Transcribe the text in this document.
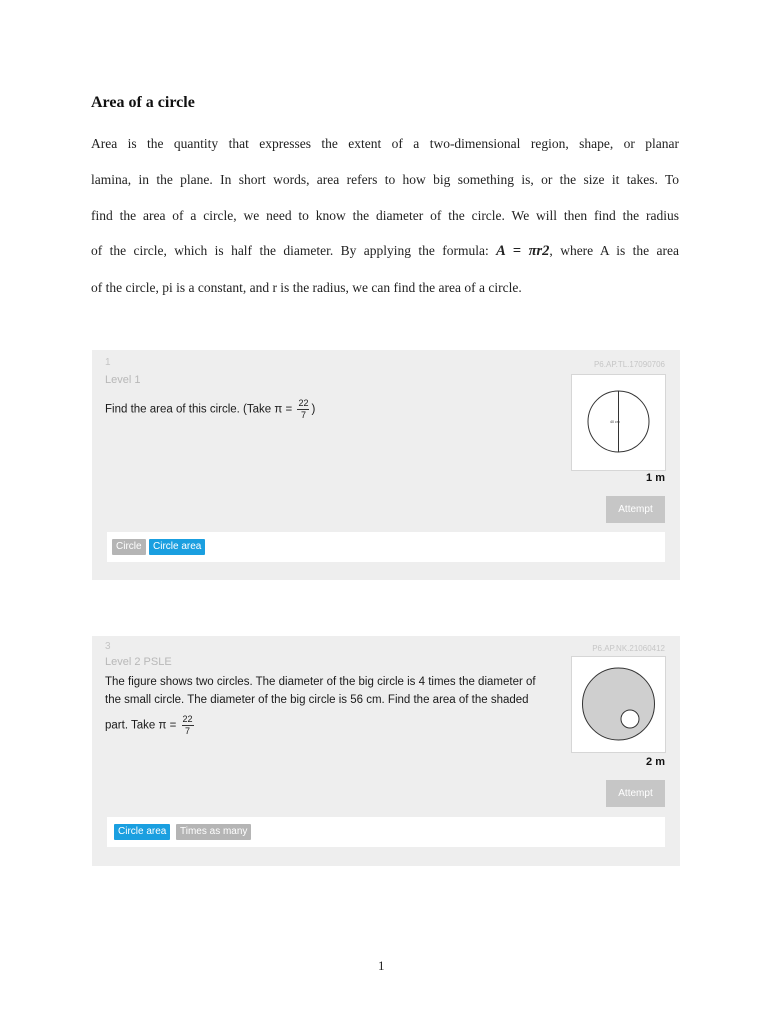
Area of a circle
Area is the quantity that expresses the extent of a two-dimensional region, shape, or planar
lamina, in the plane. In short words, area refers to how big something is, or the size it takes. To
find the area of a circle, we need to know the diameter of the circle. We will then find the radius
of the circle, which is half the diameter. By applying the formula: A = πr2, where A is the area
of the circle, pi is a constant, and r is the radius, we can find the area of a circle.
1
Level 1
P6.AP.TL.17090706
Find the area of this circle. (Take $\pi = \frac{22}{7}$ )
40 cm
1 m
Attempt
Circle	Circle area
3
Level 2 PSLE
P6.AP.NK.21060412
The figure shows two circles. The diameter of the big circle is 4 times the diameter of
the small circle. The diameter of the big circle is 56 cm. Find the area of the shaded
part. Take $\pi = \frac{22}{7}$
2 m
Attempt
Circle area	Times as many
1
